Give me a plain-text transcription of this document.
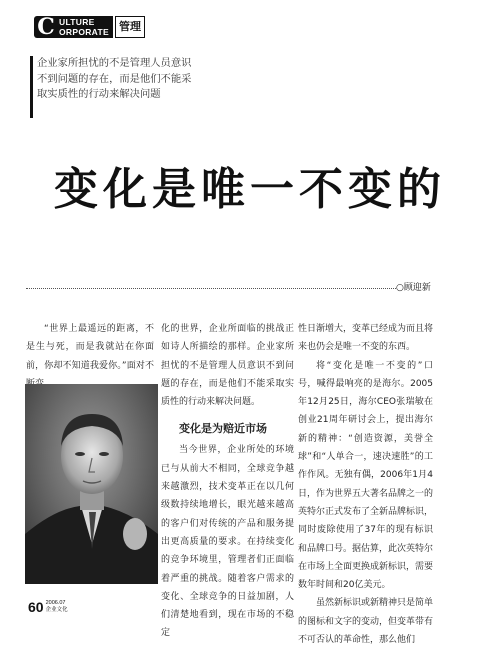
C ULTURE
ORPORATE 管理
企业家所担忧的不是管理人员意识
不到问题的存在，而是他们不能采
取实质性的行动来解决问题
变化是唯一不变的
○顾迎新

“世界上最遥远的距离，不是生与死，而是我就站在你面前，你却不知道我爱你。”面对不

化的世界，企业所面临的挑战正如诗人所描绘的那样。企业家所担忧的不是管理人员意识不到问题的存在，而是他们不能采取实质性的行动来解决问题。

变化是为赔近市场

当今世界，企业所处的环境已与从前大不相同，全球竞争越来越激烈，技术变革正在以几何级数持续地增长，眼光越来越高的客户们对传统的产品和服务提出更高质量的要求。在持续变化的竞争环境里，管理者们正面临着严重的挑战。随着客户需求的变化、全球竞争的日益加剧，人们清楚地看到，现在市场的不稳定

性日渐增大，变革已经成为而且将来也仍会是唯一不变的东西。

将“变化是唯一不变的”口号，喊得最响亮的是海尔。2005年12月25日，海尔CEO张瑞敏在创业21周年研讨会上，提出海尔新的精神：“创造资源，美誉全球”和“人单合一，速决速胜”的工作作风。无独有偶，2006年1月4日，作为世界五大著名品牌之一的英特尔正式发布了全新品牌标识，同时废除使用了37年的现有标识和品牌口号。据估算，此次英特尔在市场上全面更换成新标识，需要数年时间和20亿美元。

虽然新标识或新精神只是简单的图标和文字的变动，但变革带有不可否认的革命性，那么他们

60 2006.07
企业文化
